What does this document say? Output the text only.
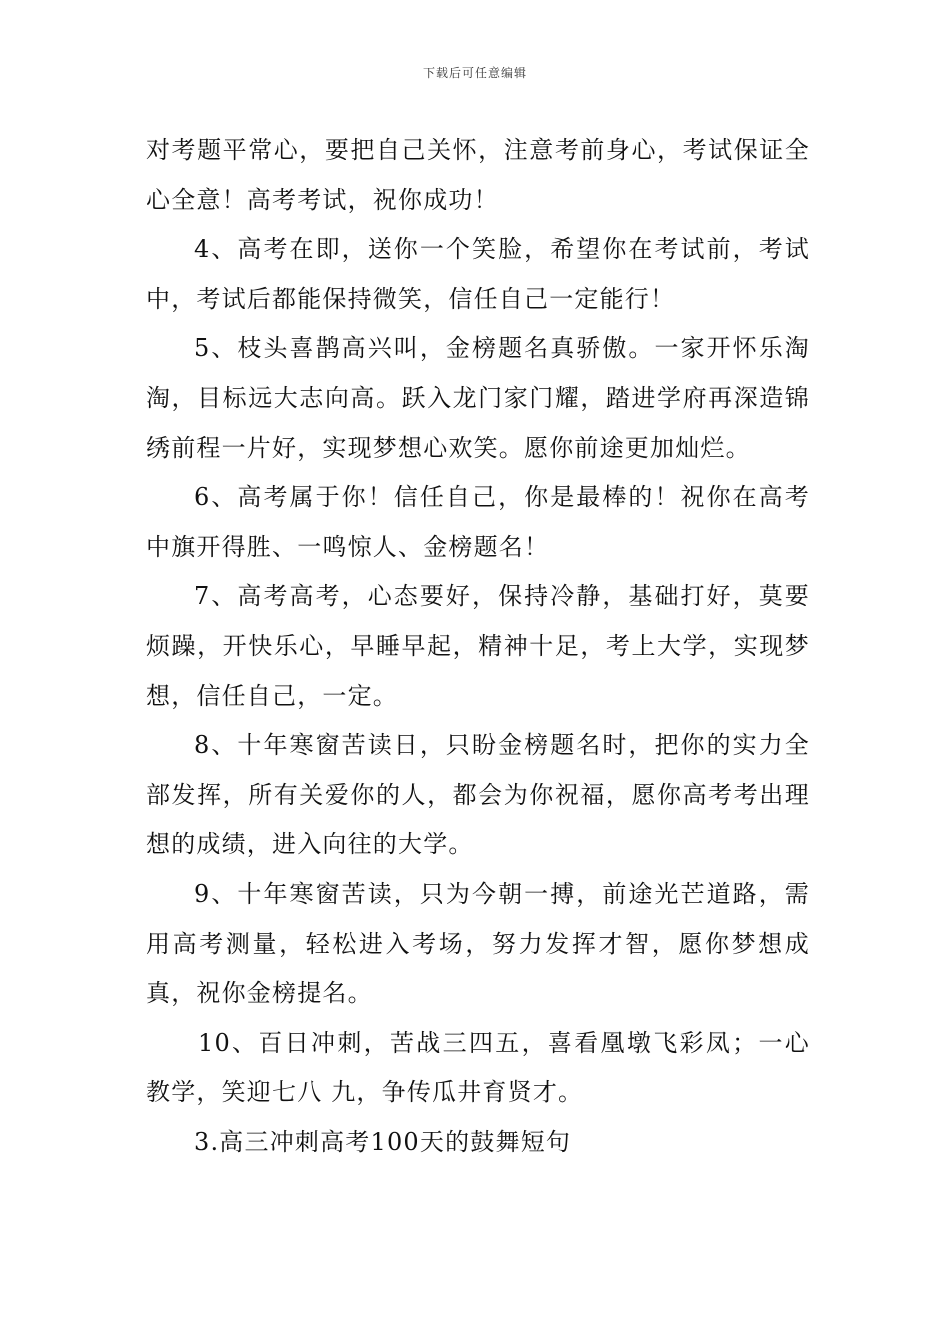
下载后可任意编辑

对考题平常心，要把自己关怀，注意考前身心，考试保证全心全意！高考考试，祝你成功！

4、高考在即，送你一个笑脸，希望你在考试前，考试中，考试后都能保持微笑，信任自己一定能行！

5、枝头喜鹊高兴叫，金榜题名真骄傲。一家开怀乐淘淘，目标远大志向高。跃入龙门家门耀，踏进学府再深造锦绣前程一片好，实现梦想心欢笑。愿你前途更加灿烂。

6、高考属于你！信任自己，你是最棒的！祝你在高考中旗开得胜、一鸣惊人、金榜题名！

7、高考高考，心态要好，保持冷静，基础打好，莫要烦躁，开快乐心，早睡早起，精神十足，考上大学，实现梦想，信任自己，一定。

8、十年寒窗苦读日，只盼金榜题名时，把你的实力全部发挥，所有关爱你的人，都会为你祝福，愿你高考考出理想的成绩，进入向往的大学。

9、十年寒窗苦读，只为今朝一搏，前途光芒道路，需用高考测量，轻松进入考场，努力发挥才智，愿你梦想成真，祝你金榜提名。

10、百日冲刺，苦战三四五，喜看凰墩飞彩凤；一心教学，笑迎七八 九，争传瓜井育贤才。

3.高三冲刺高考100天的鼓舞短句
